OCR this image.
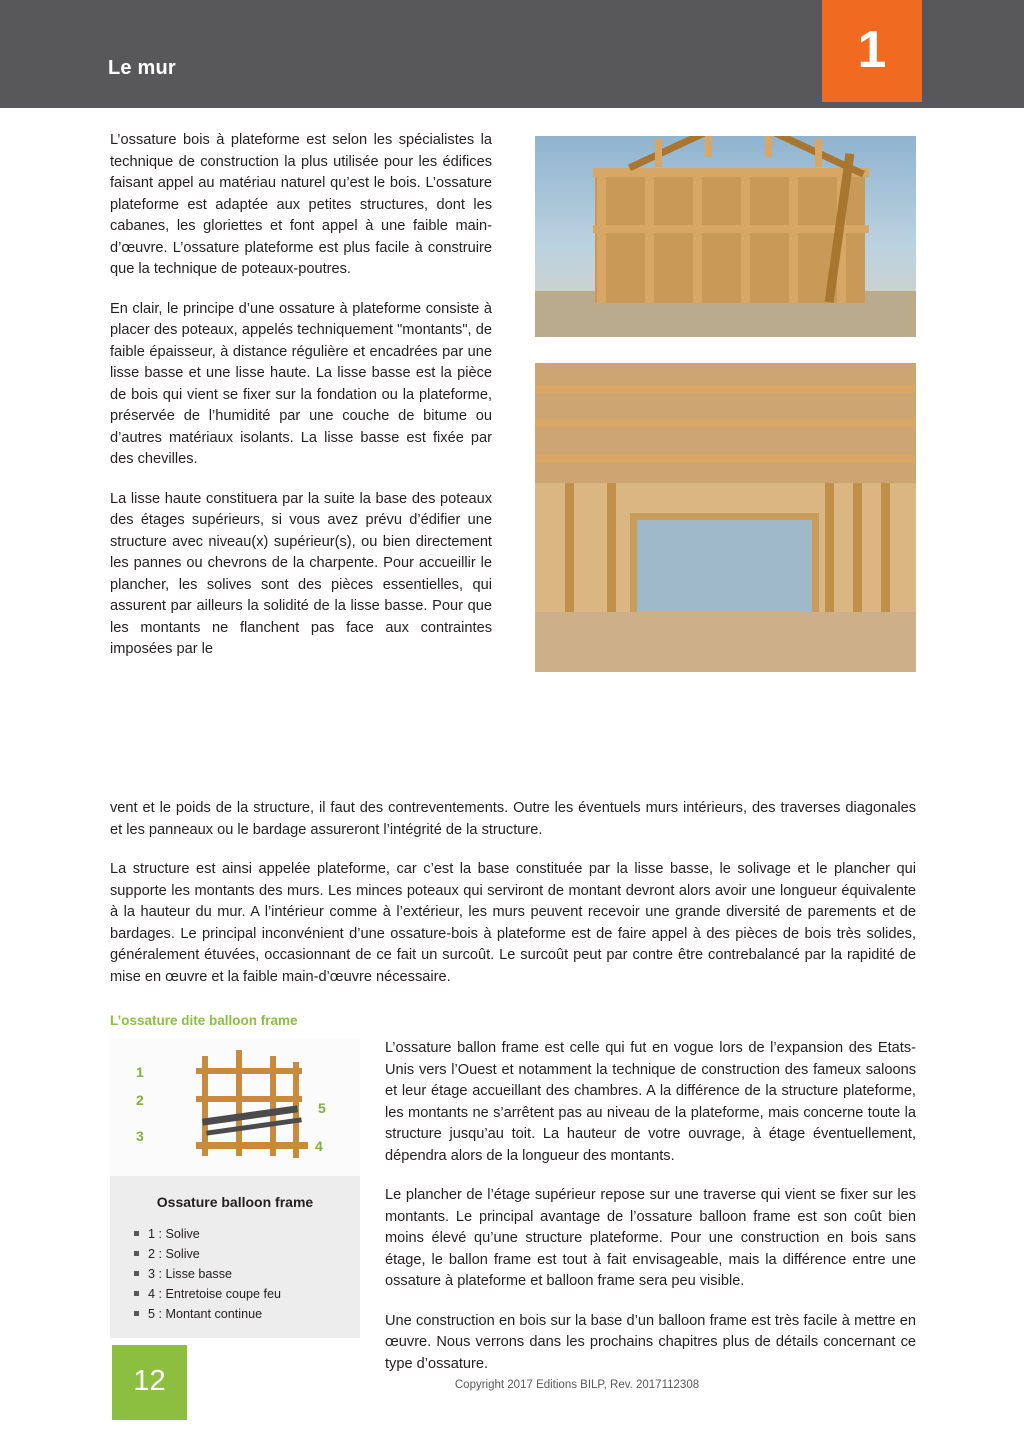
Le mur	1

L’ossature bois à plateforme est selon les spécialistes la technique de construction la plus utilisée pour les édifices faisant appel au matériau naturel qu’est le bois. L’ossature plateforme est adaptée aux petites structures, dont les cabanes, les gloriettes et font appel à une faible main-d’œuvre. L’ossature plateforme est plus facile à construire que la technique de poteaux-poutres.

En clair, le principe d’une ossature à plateforme consiste à placer des poteaux, appelés techniquement "montants", de faible épaisseur, à distance régulière et encadrées par une lisse basse et une lisse haute. La lisse basse est la pièce de bois qui vient se fixer sur la fondation ou la plateforme, préservée de l’humidité par une couche de bitume ou d’autres matériaux isolants. La lisse basse est fixée par des chevilles.

La lisse haute constituera par la suite la base des poteaux des étages supérieurs, si vous avez prévu d’édifier une structure avec niveau(x) supérieur(s), ou bien directement les pannes ou chevrons de la charpente. Pour accueillir le plancher, les solives sont des pièces essentielles, qui assurent par ailleurs la solidité de la lisse basse. Pour que les montants ne flanchent pas face aux contraintes imposées par le

vent et le poids de la structure, il faut des contreventements. Outre les éventuels murs intérieurs, des traverses diagonales et les panneaux ou le bardage assureront l’intégrité de la structure.

La structure est ainsi appelée plateforme, car c’est la base constituée par la lisse basse, le solivage et le plancher qui supporte les montants des murs. Les minces poteaux qui serviront de montant devront alors avoir une longueur équivalente à la hauteur du mur. A l’intérieur comme à l’extérieur, les murs peuvent recevoir une grande diversité de parements et de bardages. Le principal inconvénient d’une ossature-bois à plateforme est de faire appel à des pièces de bois très solides, généralement étuvées, occasionnant de ce fait un surcoût. Le surcoût peut par contre être contrebalancé par la rapidité de mise en œuvre et la faible main-d’œuvre nécessaire.

L’ossature dite balloon frame
1
2
3
4
5
Ossature balloon frame
1 : Solive
2 : Solive
3 : Lisse basse
4 : Entretoise coupe feu
5 : Montant continue

L’ossature ballon frame est celle qui fut en vogue lors de l’expansion des Etats-Unis vers l’Ouest et notamment la technique de construction des fameux saloons et leur étage accueillant des chambres. A la différence de la structure plateforme, les montants ne s’arrêtent pas au niveau de la plateforme, mais concerne toute la structure jusqu’au toit. La hauteur de votre ouvrage, à étage éventuellement, dépendra alors de la longueur des montants.

Le plancher de l’étage supérieur repose sur une traverse qui vient se fixer sur les montants. Le principal avantage de l’ossature balloon frame est son coût bien moins élevé qu’une structure plateforme. Pour une construction en bois sans étage, le ballon frame est tout à fait envisageable, mais la différence entre une ossature à plateforme et balloon frame sera peu visible.

Une construction en bois sur la base d’un balloon frame est très facile à mettre en œuvre. Nous verrons dans les prochains chapitres plus de détails concernant ce type d’ossature.

12	Copyright 2017 Editions BILP, Rev. 2017112308
